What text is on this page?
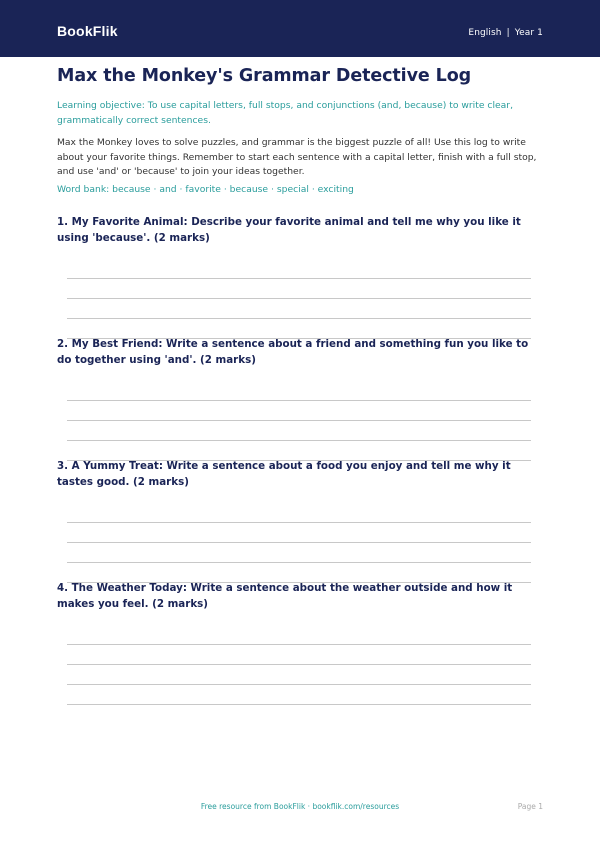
BookFlik	English | Year 1
Max the Monkey's Grammar Detective Log
Learning objective: To use capital letters, full stops, and conjunctions (and, because) to write clear, grammatically correct sentences.
Max the Monkey loves to solve puzzles, and grammar is the biggest puzzle of all! Use this log to write about your favorite things. Remember to start each sentence with a capital letter, finish with a full stop, and use 'and' or 'because' to join your ideas together.
Word bank: because · and · favorite · because · special · exciting

1. My Favorite Animal: Describe your favorite animal and tell me why you like it using 'because'. (2 marks)

2. My Best Friend: Write a sentence about a friend and something fun you like to do together using 'and'. (2 marks)

3. A Yummy Treat: Write a sentence about a food you enjoy and tell me why it tastes good. (2 marks)

4. The Weather Today: Write a sentence about the weather outside and how it makes you feel. (2 marks)

Free resource from BookFlik · bookflik.com/resources	Page 1
